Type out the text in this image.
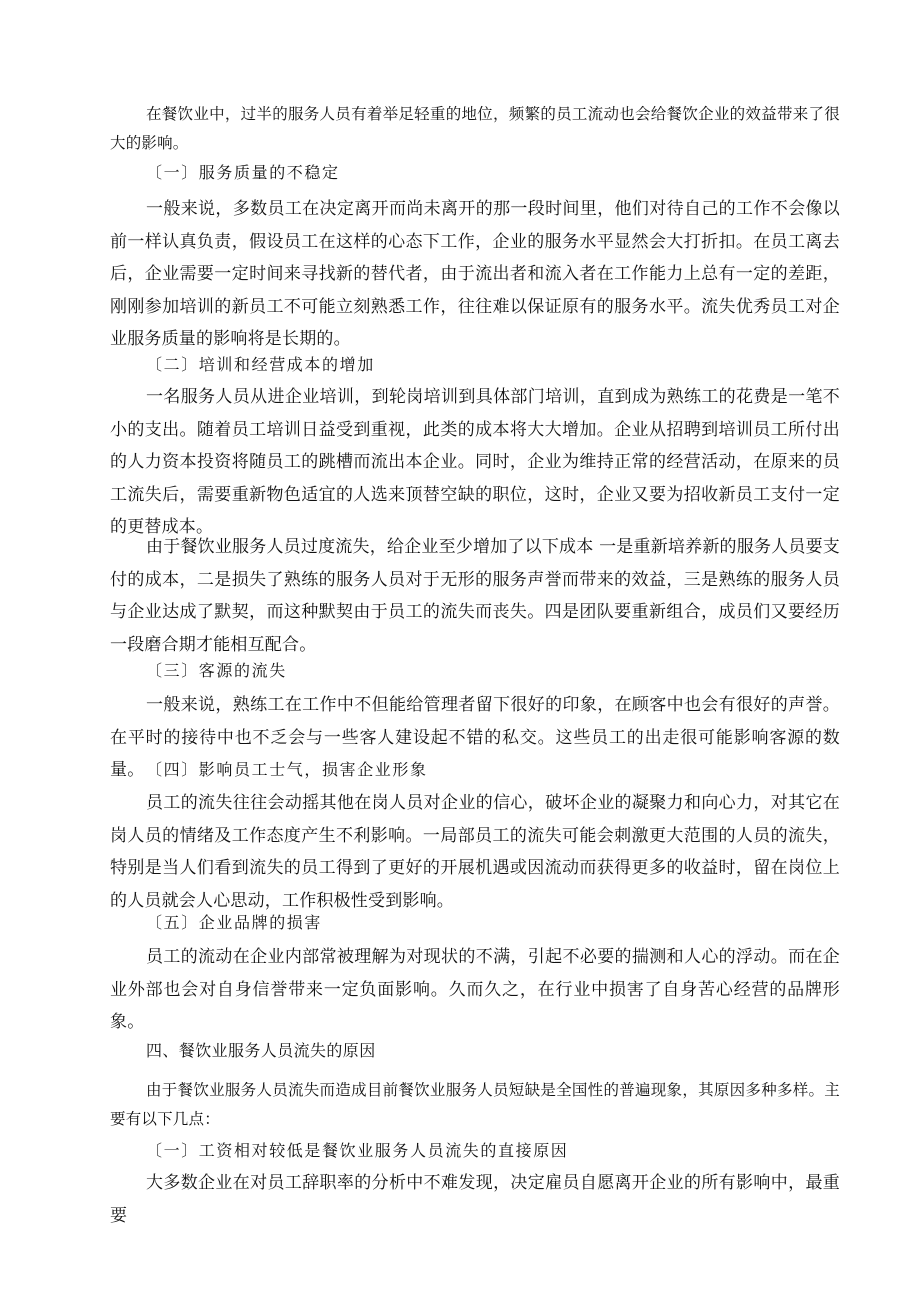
在餐饮业中，过半的服务人员有着举足轻重的地位，频繁的员工流动也会给餐饮企业的效益带来了很大的影响。

〔一〕服务质量的不稳定

一般来说，多数员工在决定离开而尚未离开的那一段时间里，他们对待自己的工作不会像以前一样认真负责，假设员工在这样的心态下工作，企业的服务水平显然会大打折扣。在员工离去后，企业需要一定时间来寻找新的替代者，由于流出者和流入者在工作能力上总有一定的差距，刚刚参加培训的新员工不可能立刻熟悉工作，往往难以保证原有的服务水平。流失优秀员工对企业服务质量的影响将是长期的。

〔二〕培训和经营成本的增加

一名服务人员从进企业培训，到轮岗培训到具体部门培训，直到成为熟练工的花费是一笔不小的支出。随着员工培训日益受到重视，此类的成本将大大增加。企业从招聘到培训员工所付出的人力资本投资将随员工的跳槽而流出本企业。同时，企业为维持正常的经营活动，在原来的员工流失后，需要重新物色适宜的人选来顶替空缺的职位，这时，企业又要为招收新员工支付一定的更替成本。

由于餐饮业服务人员过度流失，给企业至少增加了以下成本 一是重新培养新的服务人员要支付的成本，二是损失了熟练的服务人员对于无形的服务声誉而带来的效益，三是熟练的服务人员与企业达成了默契，而这种默契由于员工的流失而丧失。四是团队要重新组合，成员们又要经历一段磨合期才能相互配合。

〔三〕客源的流失

一般来说，熟练工在工作中不但能给管理者留下很好的印象，在顾客中也会有很好的声誉。在平时的接待中也不乏会与一些客人建设起不错的私交。这些员工的出走很可能影响客源的数量。 〔四〕影响员工士气，损害企业形象

员工的流失往往会动摇其他在岗人员对企业的信心，破坏企业的凝聚力和向心力，对其它在岗人员的情绪及工作态度产生不利影响。一局部员工的流失可能会刺激更大范围的人员的流失，特别是当人们看到流失的员工得到了更好的开展机遇或因流动而获得更多的收益时，留在岗位上的人员就会人心思动，工作积极性受到影响。

〔五〕企业品牌的损害

员工的流动在企业内部常被理解为对现状的不满，引起不必要的揣测和人心的浮动。而在企业外部也会对自身信誉带来一定负面影响。久而久之，在行业中损害了自身苦心经营的品牌形象。

四、餐饮业服务人员流失的原因

由于餐饮业服务人员流失而造成目前餐饮业服务人员短缺是全国性的普遍现象，其原因多种多样。主要有以下几点：

〔一〕工资相对较低是餐饮业服务人员流失的直接原因

大多数企业在对员工辞职率的分析中不难发现，决定雇员自愿离开企业的所有影响中，最重要
